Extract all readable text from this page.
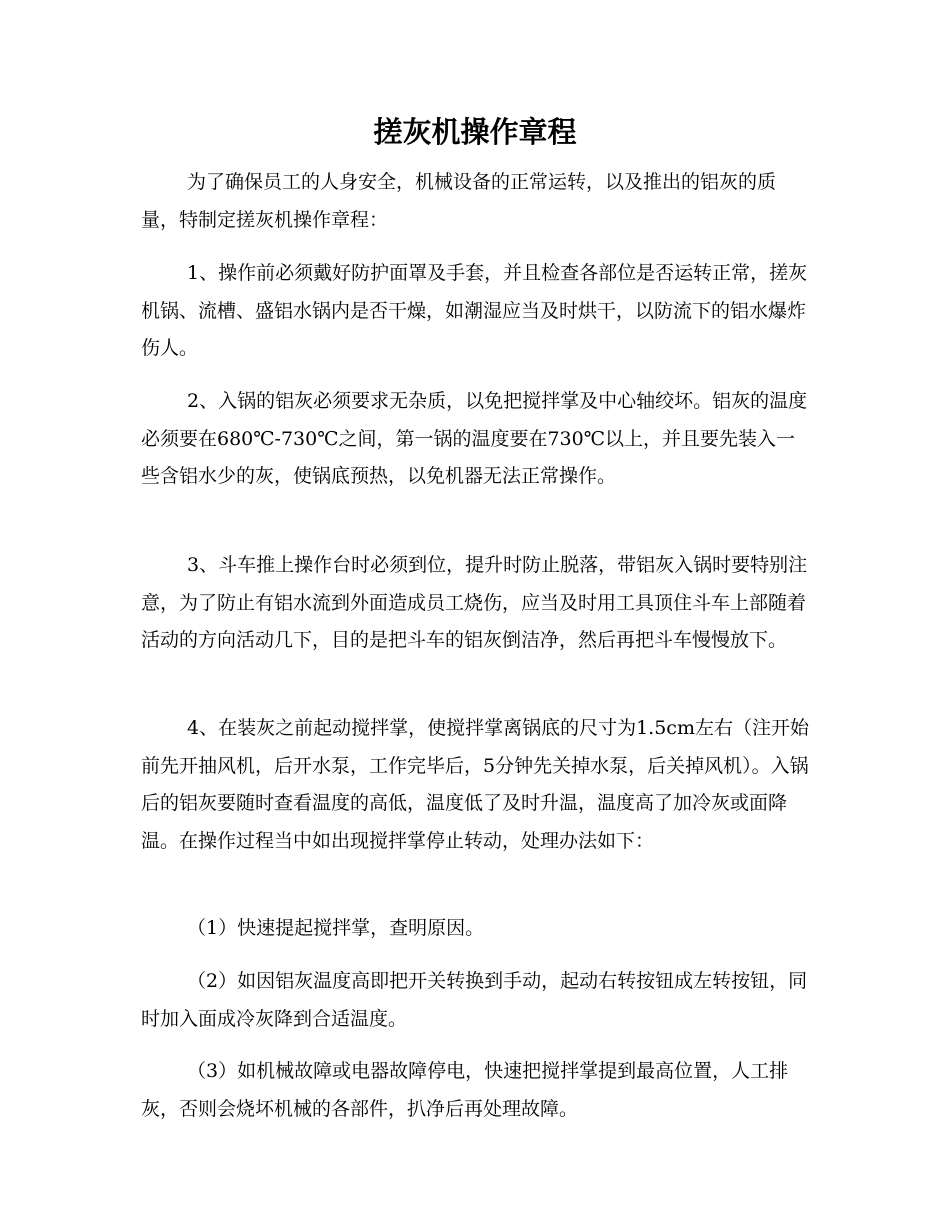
搓灰机操作章程

为了确保员工的人身安全，机械设备的正常运转，以及推出的铝灰的质量，特制定搓灰机操作章程：

1、操作前必须戴好防护面罩及手套，并且检查各部位是否运转正常，搓灰机锅、流槽、盛铝水锅内是否干燥，如潮湿应当及时烘干，以防流下的铝水爆炸伤人。

2、入锅的铝灰必须要求无杂质，以免把搅拌掌及中心轴绞坏。铝灰的温度必须要在680℃-730℃之间，第一锅的温度要在730℃以上，并且要先装入一些含铝水少的灰，使锅底预热，以免机器无法正常操作。

3、斗车推上操作台时必须到位，提升时防止脱落，带铝灰入锅时要特别注意，为了防止有铝水流到外面造成员工烧伤，应当及时用工具顶住斗车上部随着活动的方向活动几下，目的是把斗车的铝灰倒洁净，然后再把斗车慢慢放下。

4、在装灰之前起动搅拌掌，使搅拌掌离锅底的尺寸为1.5cm左右（注开始前先开抽风机，后开水泵，工作完毕后，5分钟先关掉水泵，后关掉风机）。入锅后的铝灰要随时查看温度的高低，温度低了及时升温，温度高了加冷灰或面降温。在操作过程当中如出现搅拌掌停止转动，处理办法如下：

（1）快速提起搅拌掌，查明原因。

（2）如因铝灰温度高即把开关转换到手动，起动右转按钮成左转按钮，同时加入面成冷灰降到合适温度。

（3）如机械故障或电器故障停电，快速把搅拌掌提到最高位置，人工排灰，否则会烧坏机械的各部件，扒净后再处理故障。
